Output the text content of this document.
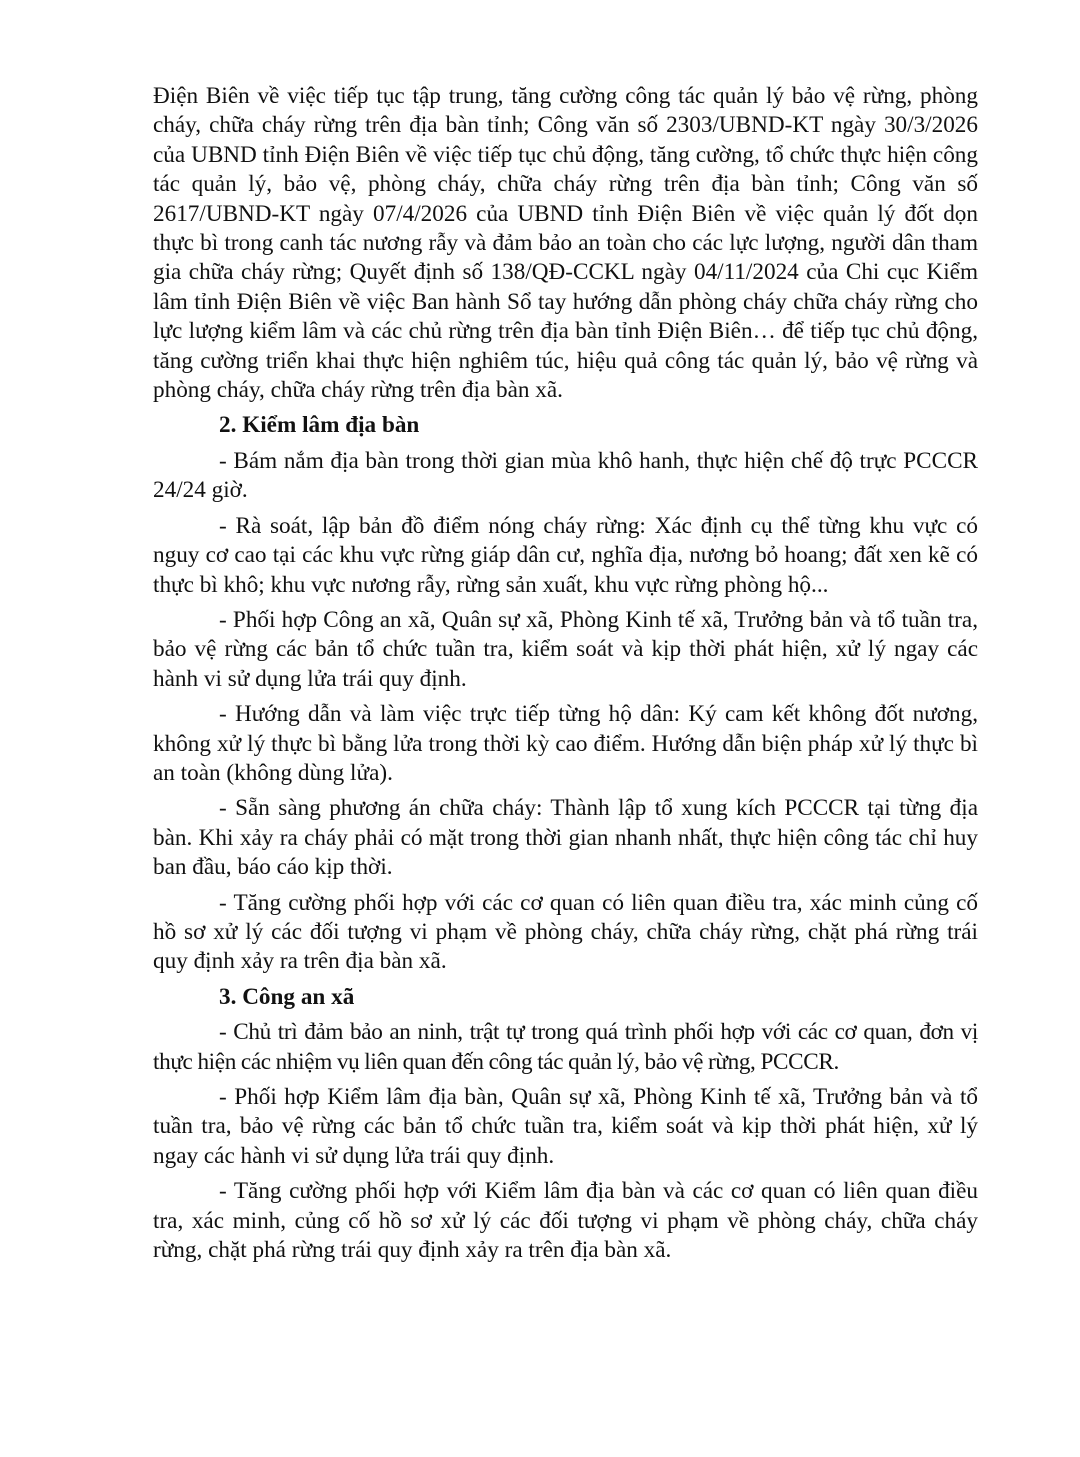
Điện Biên về việc tiếp tục tập trung, tăng cường công tác quản lý bảo vệ rừng, phòng cháy, chữa cháy rừng trên địa bàn tỉnh; Công văn số 2303/UBND-KT ngày 30/3/2026 của UBND tỉnh Điện Biên về việc tiếp tục chủ động, tăng cường, tổ chức thực hiện công tác quản lý, bảo vệ, phòng cháy, chữa cháy rừng trên địa bàn tỉnh; Công văn số 2617/UBND-KT ngày 07/4/2026 của UBND tỉnh Điện Biên về việc quản lý đốt dọn thực bì trong canh tác nương rẫy và đảm bảo an toàn cho các lực lượng, người dân tham gia chữa cháy rừng; Quyết định số 138/QĐ-CCKL ngày 04/11/2024 của Chi cục Kiểm lâm tỉnh Điện Biên về việc Ban hành Sổ tay hướng dẫn phòng cháy chữa cháy rừng cho lực lượng kiểm lâm và các chủ rừng trên địa bàn tỉnh Điện Biên… để tiếp tục chủ động, tăng cường triển khai thực hiện nghiêm túc, hiệu quả công tác quản lý, bảo vệ rừng và phòng cháy, chữa cháy rừng trên địa bàn xã.

2. Kiểm lâm địa bàn

- Bám nắm địa bàn trong thời gian mùa khô hanh, thực hiện chế độ trực PCCCR 24/24 giờ.

- Rà soát, lập bản đồ điểm nóng cháy rừng: Xác định cụ thể từng khu vực có nguy cơ cao tại các khu vực rừng giáp dân cư, nghĩa địa, nương bỏ hoang; đất xen kẽ có thực bì khô; khu vực nương rẫy, rừng sản xuất, khu vực rừng phòng hộ...

- Phối hợp Công an xã, Quân sự xã, Phòng Kinh tế xã, Trưởng bản và tổ tuần tra, bảo vệ rừng các bản tổ chức tuần tra, kiểm soát và kịp thời phát hiện, xử lý ngay các hành vi sử dụng lửa trái quy định.

- Hướng dẫn và làm việc trực tiếp từng hộ dân: Ký cam kết không đốt nương, không xử lý thực bì bằng lửa trong thời kỳ cao điểm. Hướng dẫn biện pháp xử lý thực bì an toàn (không dùng lửa).

- Sẵn sàng phương án chữa cháy: Thành lập tổ xung kích PCCCR tại từng địa bàn. Khi xảy ra cháy phải có mặt trong thời gian nhanh nhất, thực hiện công tác chỉ huy ban đầu, báo cáo kịp thời.

- Tăng cường phối hợp với các cơ quan có liên quan điều tra, xác minh củng cố hồ sơ xử lý các đối tượng vi phạm về phòng cháy, chữa cháy rừng, chặt phá rừng trái quy định xảy ra trên địa bàn xã.

3. Công an xã

- Chủ trì đảm bảo an ninh, trật tự trong quá trình phối hợp với các cơ quan, đơn vị thực hiện các nhiệm vụ liên quan đến công tác quản lý, bảo vệ rừng, PCCCR.

- Phối hợp Kiểm lâm địa bàn, Quân sự xã, Phòng Kinh tế xã, Trưởng bản và tổ tuần tra, bảo vệ rừng các bản tổ chức tuần tra, kiểm soát và kịp thời phát hiện, xử lý ngay các hành vi sử dụng lửa trái quy định.

- Tăng cường phối hợp với Kiểm lâm địa bàn và các cơ quan có liên quan điều tra, xác minh, củng cố hồ sơ xử lý các đối tượng vi phạm về phòng cháy, chữa cháy rừng, chặt phá rừng trái quy định xảy ra trên địa bàn xã.
